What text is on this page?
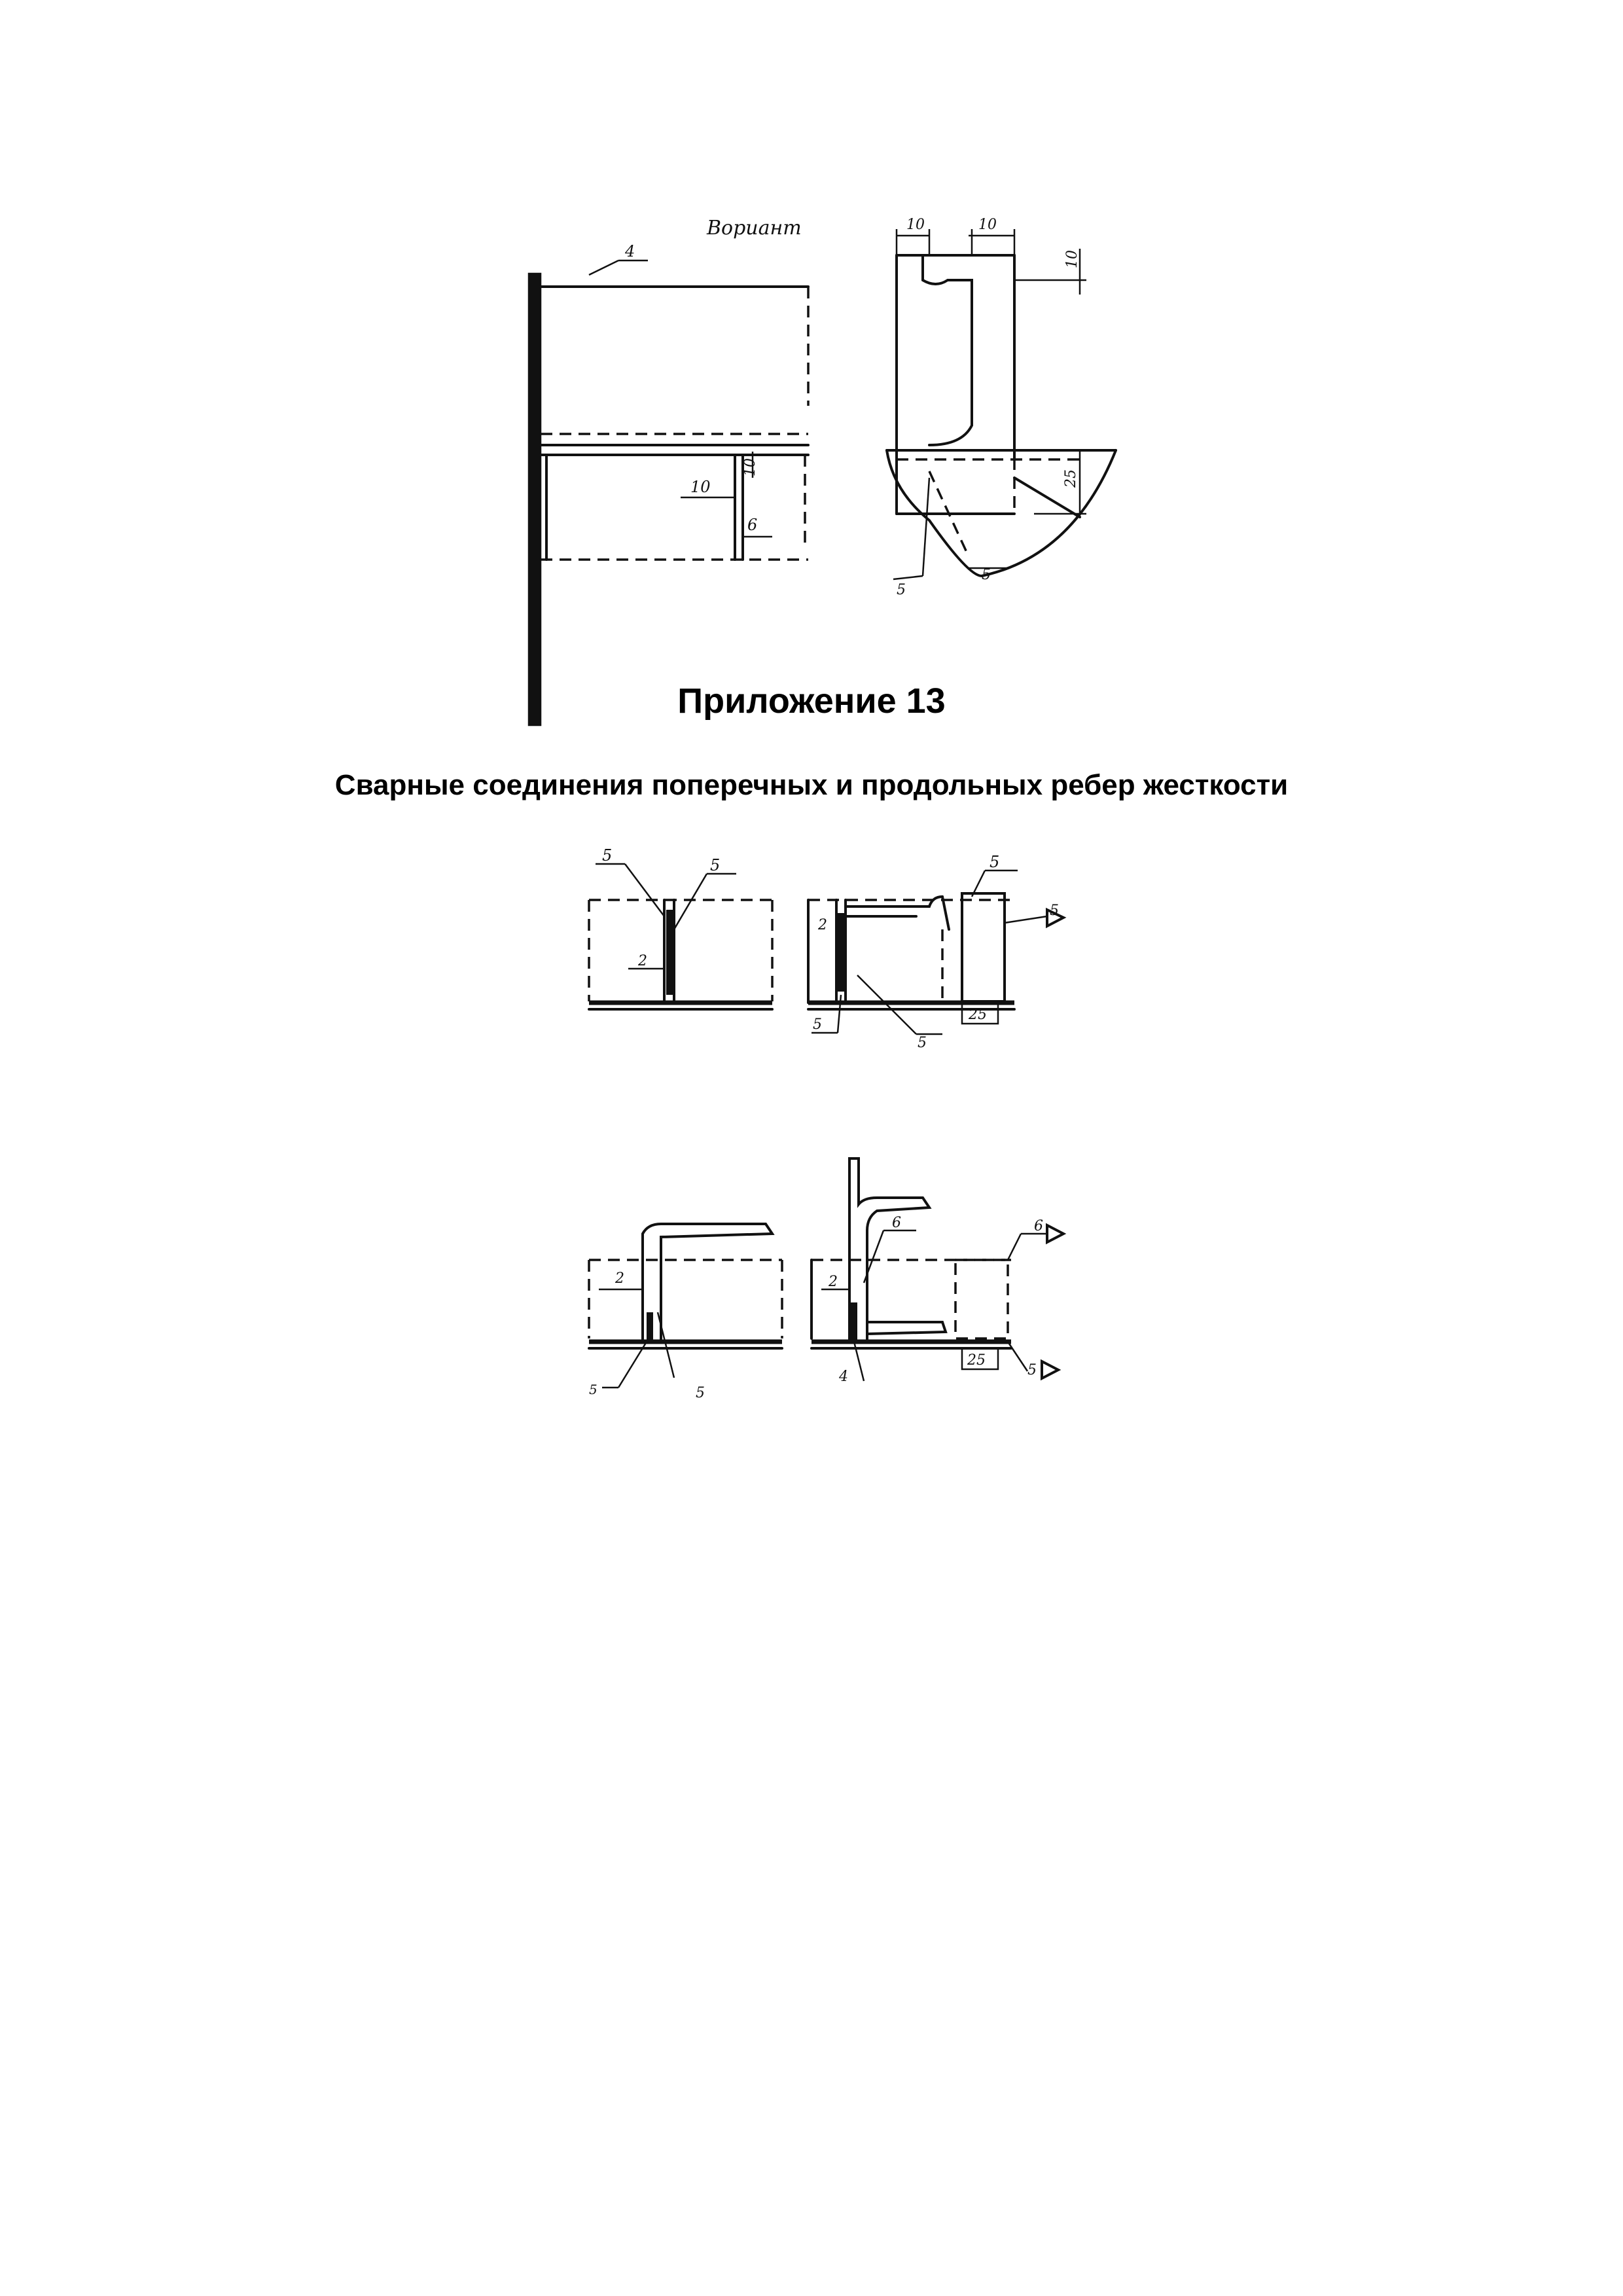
Вориант
4
10
10
6
10	10
10
25
5
5
Приложение 13
Сварные соединения поперечных и продольных ребер жесткости
5
5
2
2
5
5
5
25
5
2
5	5
6
2
6
4
25
5
